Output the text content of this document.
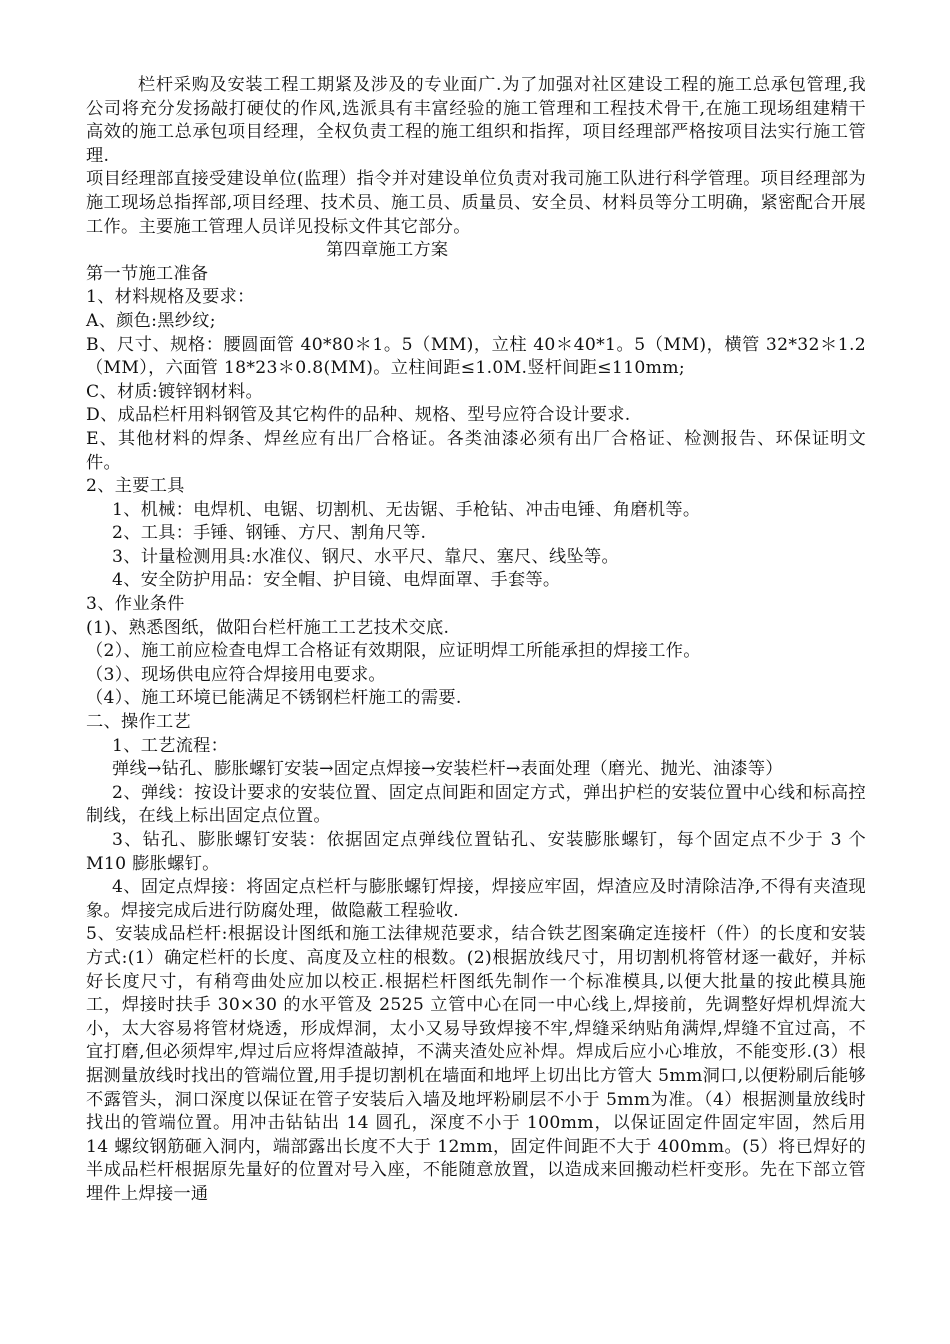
栏杆采购及安装工程工期紧及涉及的专业面广.为了加强对社区建设工程的施工总承包管理,我公司将充分发扬敲打硬仗的作风,选派具有丰富经验的施工管理和工程技术骨干,在施工现场组建精干高效的施工总承包项目经理，全权负责工程的施工组织和指挥，项目经理部严格按项目法实行施工管理.

项目经理部直接受建设单位(监理）指令并对建设单位负责对我司施工队进行科学管理。项目经理部为施工现场总指挥部,项目经理、技术员、施工员、质量员、安全员、材料员等分工明确，紧密配合开展工作。主要施工管理人员详见投标文件其它部分。

第四章施工方案

第一节施工准备

1、材料规格及要求：

A、颜色:黑纱纹;

B、尺寸、规格：腰圆面管 40*80＊1。5（MM)，立柱 40＊40*1。5（MM)，横管 32*32＊1.2（MM），六面管 18*23＊0.8(MM)。立柱间距≤1.0M.竖杆间距≤110mm;

C、材质:镀锌钢材料。

D、成品栏杆用料钢管及其它构件的品种、规格、型号应符合设计要求.

E、其他材料的焊条、焊丝应有出厂合格证。各类油漆必须有出厂合格证、检测报告、环保证明文件。

2、主要工具

1、机械：电焊机、电锯、切割机、无齿锯、手枪钻、冲击电锤、角磨机等。

2、工具：手锤、钢锤、方尺、割角尺等.

3、计量检测用具:水准仪、钢尺、水平尺、靠尺、塞尺、线坠等。

4、安全防护用品：安全帽、护目镜、电焊面罩、手套等。

3、作业条件

(1)、熟悉图纸，做阳台栏杆施工工艺技术交底.

（2）、施工前应检查电焊工合格证有效期限，应证明焊工所能承担的焊接工作。

（3）、现场供电应符合焊接用电要求。

（4）、施工环境已能满足不锈钢栏杆施工的需要.

二、操作工艺

1、工艺流程：

弹线→钻孔、膨胀螺钉安装→固定点焊接→安装栏杆→表面处理（磨光、抛光、油漆等）

2、弹线：按设计要求的安装位置、固定点间距和固定方式，弹出护栏的安装位置中心线和标高控制线，在线上标出固定点位置。

3、钻孔、膨胀螺钉安装：依据固定点弹线位置钻孔、安装膨胀螺钉，每个固定点不少于 3 个 M10 膨胀螺钉。

4、固定点焊接：将固定点栏杆与膨胀螺钉焊接，焊接应牢固，焊渣应及时清除洁净,不得有夹渣现象。焊接完成后进行防腐处理，做隐蔽工程验收.

5、安装成品栏杆:根据设计图纸和施工法律规范要求，结合铁艺图案确定连接杆（件）的长度和安装方式:(1）确定栏杆的长度、高度及立柱的根数。(2)根据放线尺寸，用切割机将管材逐一截好，并标好长度尺寸，有稍弯曲处应加以校正.根据栏杆图纸先制作一个标准模具,以便大批量的按此模具施工，焊接时扶手 30×30 的水平管及 2525 立管中心在同一中心线上,焊接前，先调整好焊机焊流大小，太大容易将管材烧透，形成焊洞，太小又易导致焊接不牢,焊缝采纳贴角满焊,焊缝不宜过高，不宜打磨,但必须焊牢,焊过后应将焊渣敲掉，不满夹渣处应补焊。焊成后应小心堆放，不能变形.(3）根据测量放线时找出的管端位置,用手提切割机在墙面和地坪上切出比方管大 5mm洞口,以便粉刷后能够不露管头，洞口深度以保证在管子安装后入墙及地坪粉刷层不小于 5mm为准。（4）根据测量放线时找出的管端位置。用冲击钻钻出 14 圆孔，深度不小于 100mm，以保证固定件固定牢固，然后用 14 螺纹钢筋砸入洞内，端部露出长度不大于 12mm，固定件间距不大于 400mm。(5）将已焊好的半成品栏杆根据原先量好的位置对号入座，不能随意放置，以造成来回搬动栏杆变形。先在下部立管埋件上焊接一通
